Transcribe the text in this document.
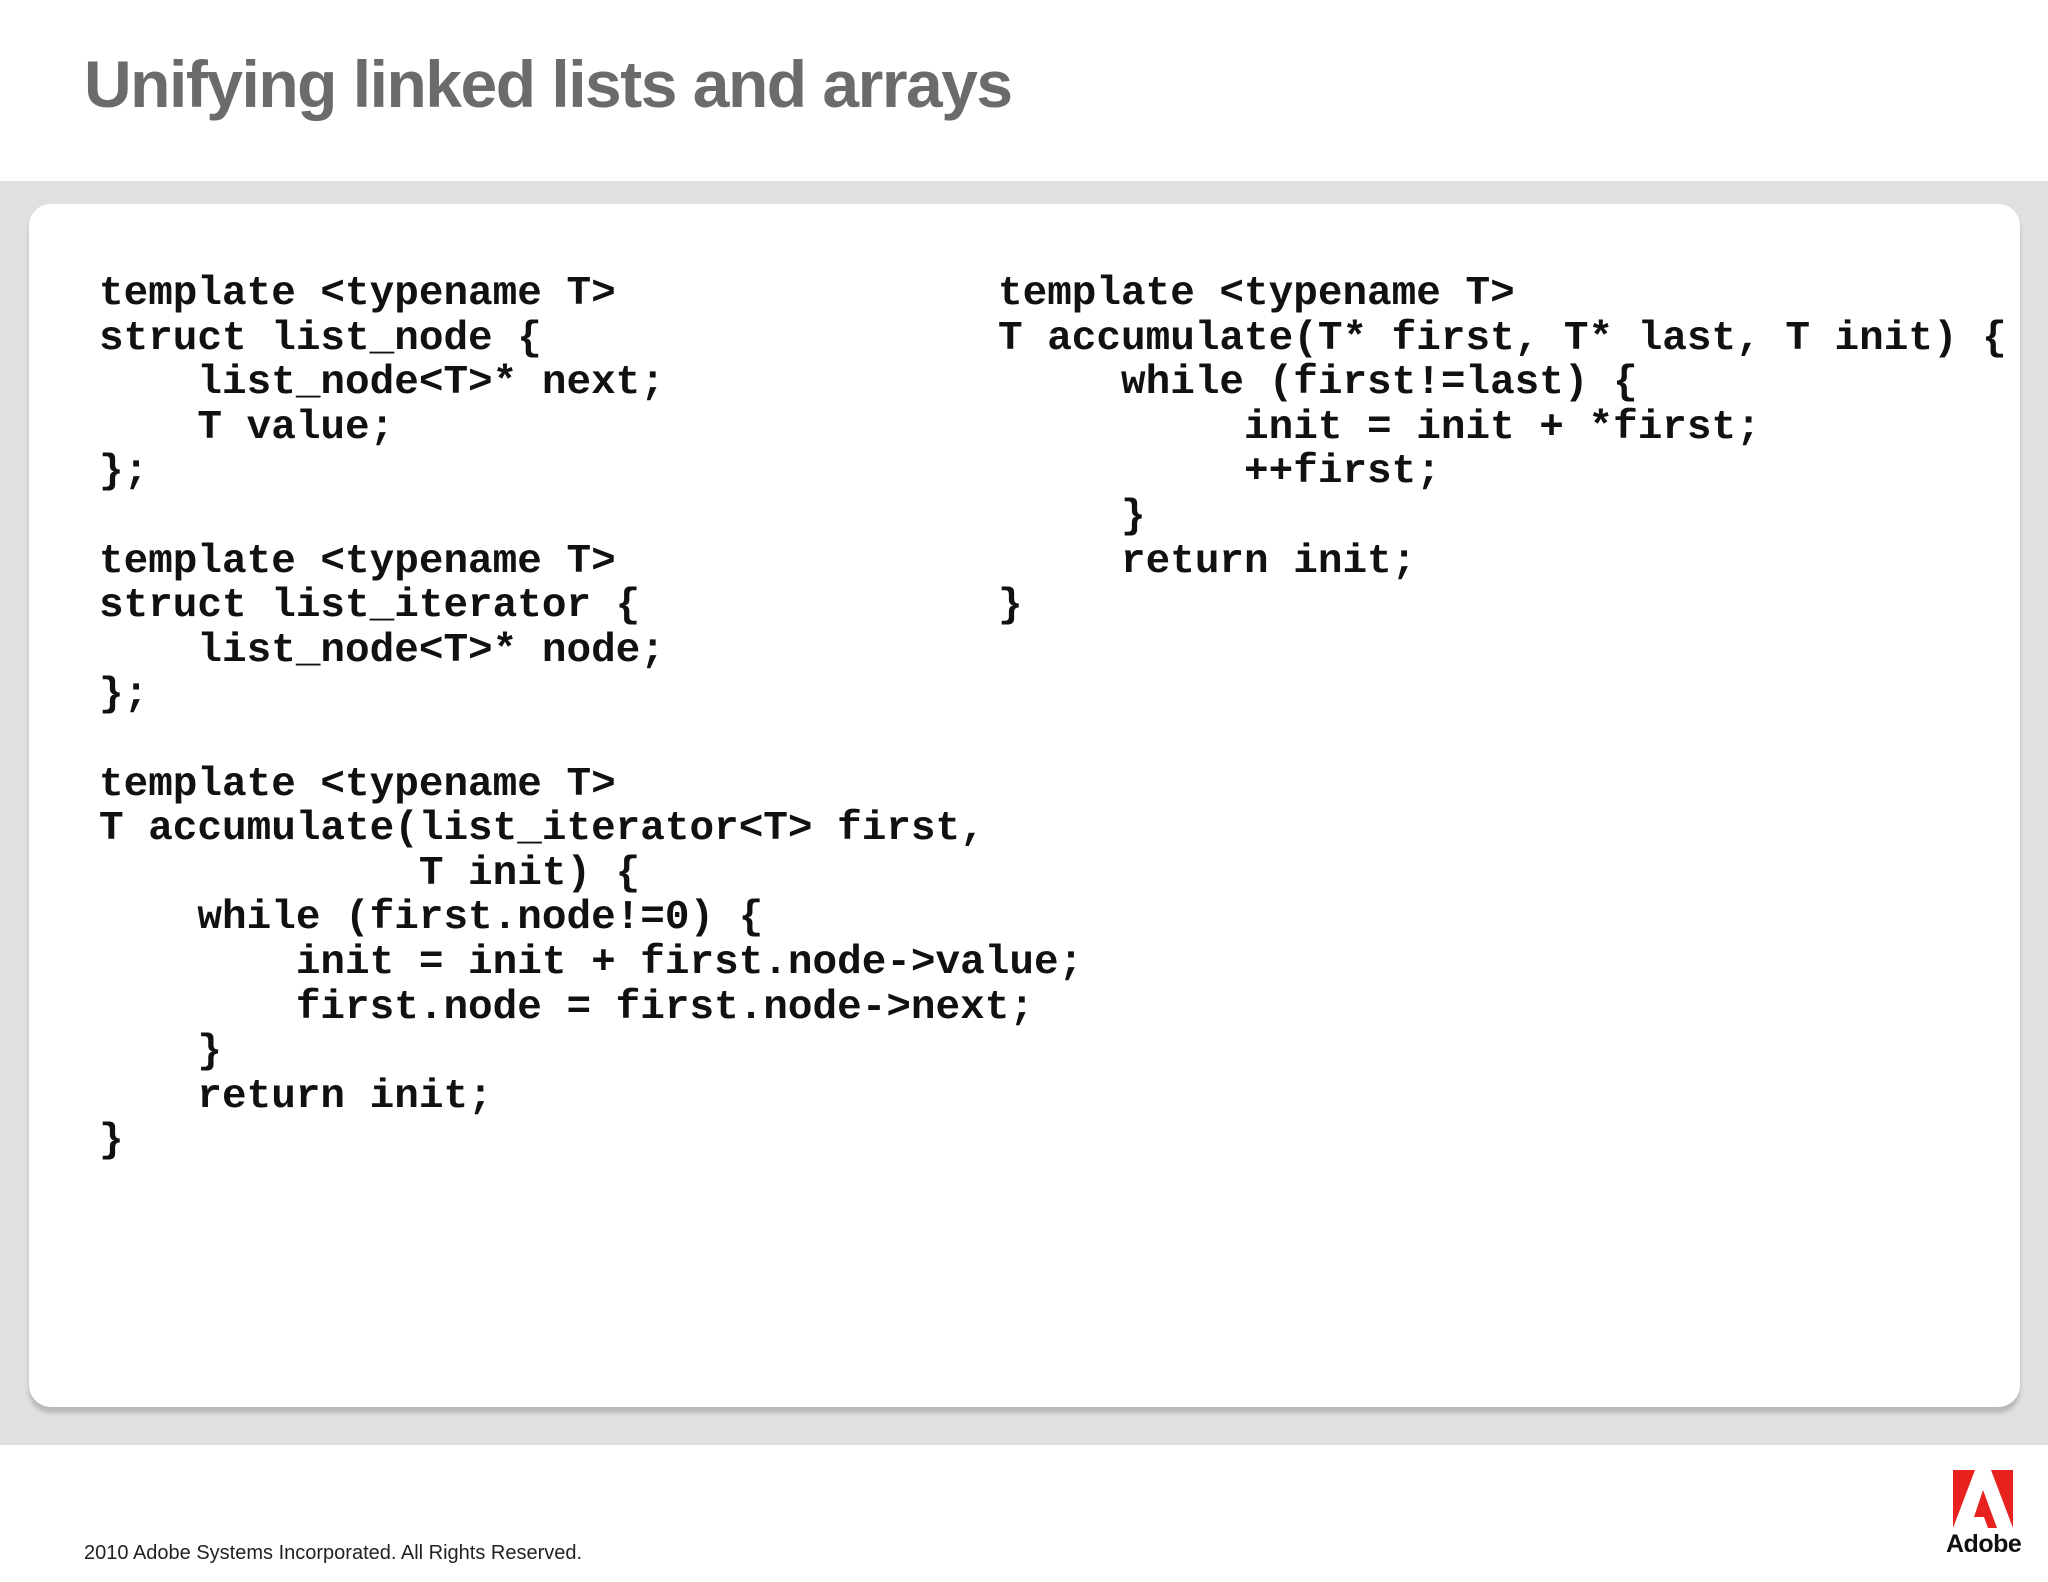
Unifying linked lists and arrays
template <typename T>
struct list_node {
list_node<T>* next;
T value;
};

template <typename T>
struct list_iterator {
list_node<T>* node;
};

template <typename T>
T accumulate(list_iterator<T> first,
T init) {
while (first.node!=0) {
init = init + first.node->value;
first.node = first.node->next;
}
return init;
}
template <typename T>
T accumulate(T* first, T* last, T init) {
while (first!=last) {
init = init + *first;
++first;
}
return init;
}
2010 Adobe Systems Incorporated. All Rights Reserved.	Adobe
